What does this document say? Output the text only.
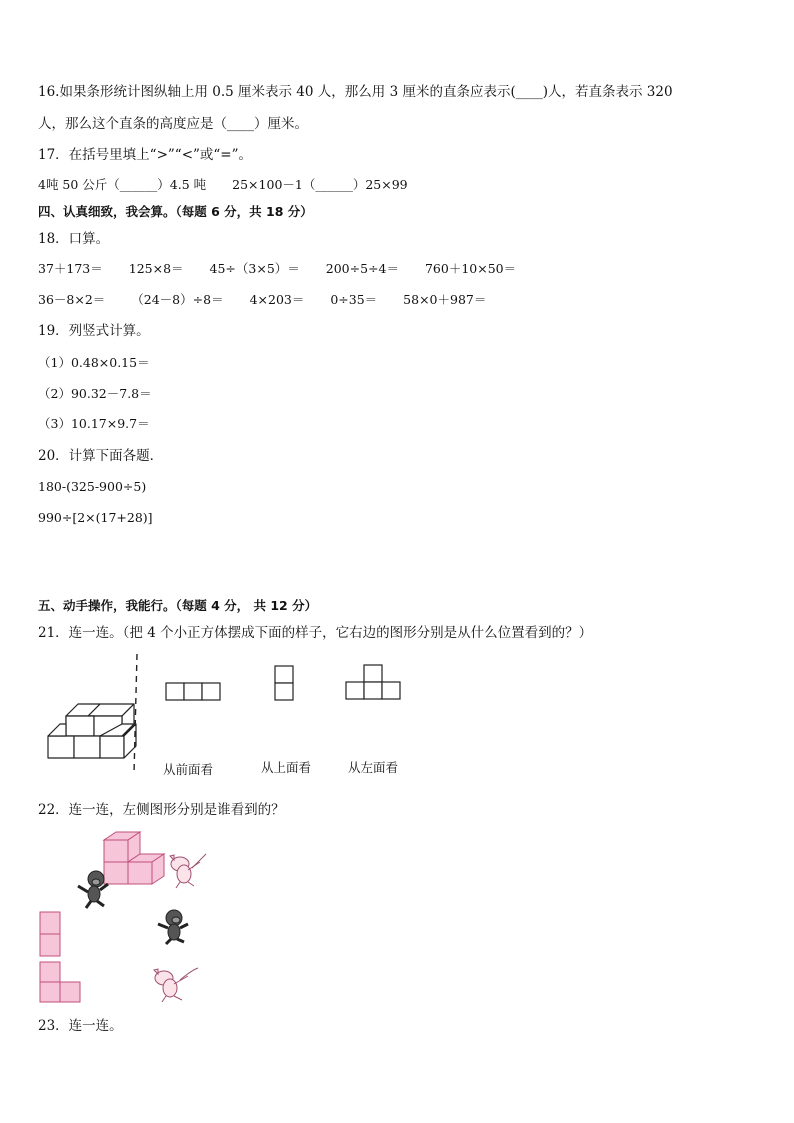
16.如果条形统计图纵轴上用 0.5 厘米表示 40 人，那么用 3 厘米的直条应表示(____)人，若直条表示 320
人，那么这个直条的高度应是（____）厘米。
17．在括号里填上“>”“<”或“=”。
4吨 50 公斤（______）4.5 吨 25×100－1（______）25×99
四、认真细致，我会算。（每题 6 分，共 18 分）
18．口算。
37＋173＝ 125×8＝ 45÷（3×5）＝ 200÷5÷4＝ 760＋10×50＝
36－8×2＝ （24－8）÷8＝ 4×203＝ 0÷35＝ 58×0＋987＝
19．列竖式计算。
（1）0.48×0.15＝
（2）90.32－7.8＝
（3）10.17×9.7＝
20．计算下面各题．
180-(325-900÷5)
990÷[2×(17+28)]
五、动手操作，我能行。（每题 4 分， 共 12 分）
21．连一连。（把 4 个小正方体摆成下面的样子，它右边的图形分别是从什么位置看到的？）
从前面看	从上面看	从左面看
22．连一连，左侧图形分别是谁看到的？
23．连一连。
